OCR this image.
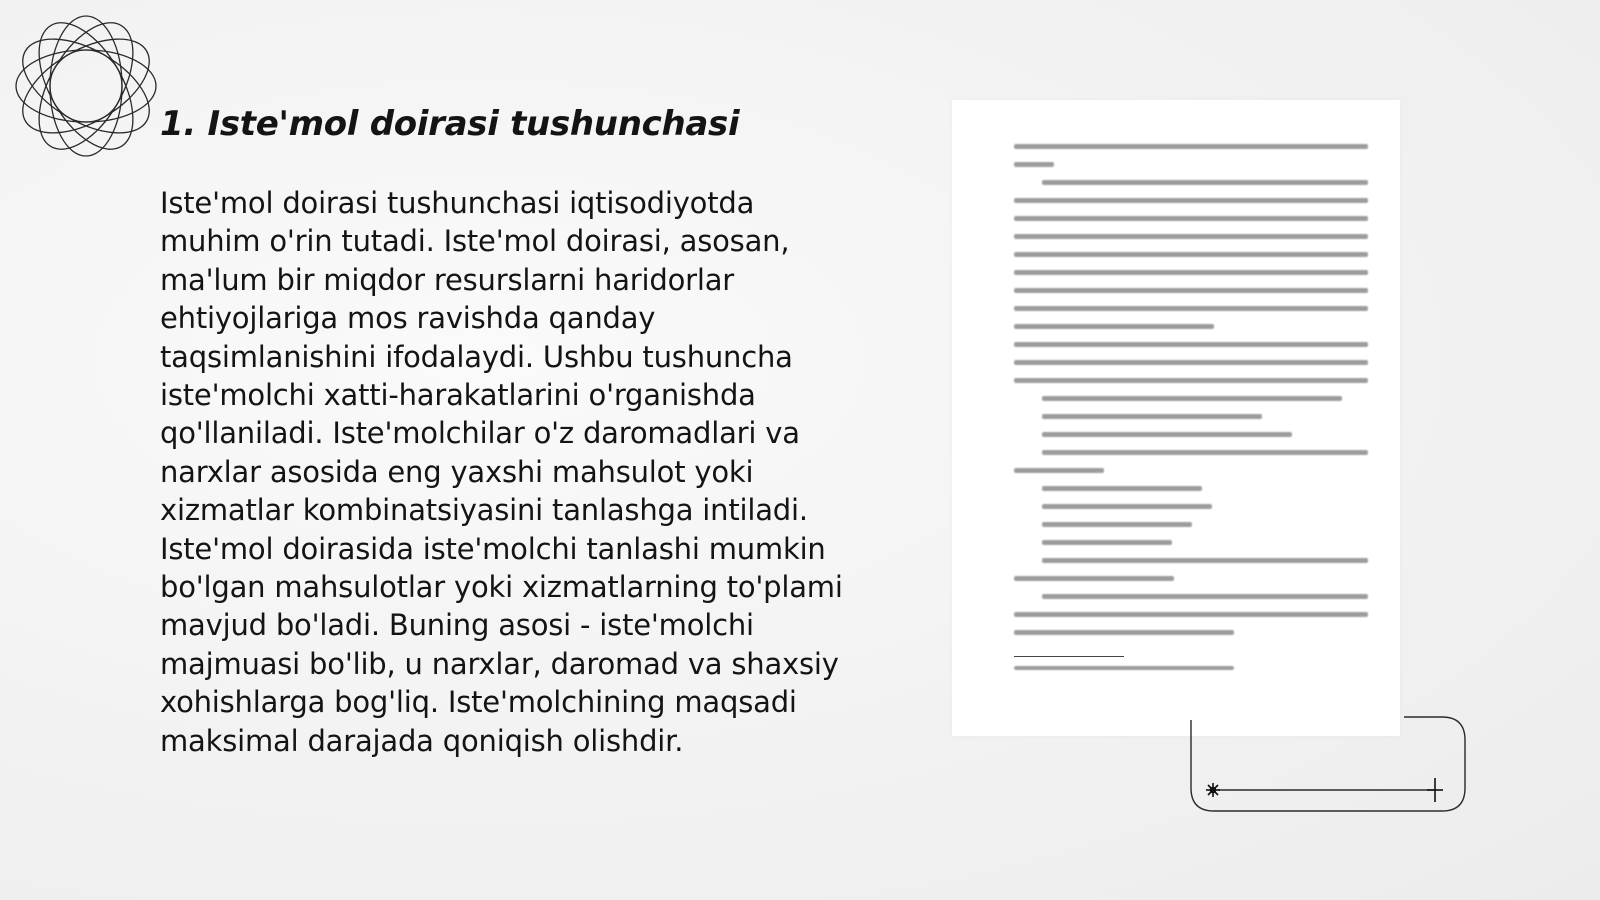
1. Iste'mol doirasi tushunchasi

Iste'mol doirasi tushunchasi iqtisodiyotda muhim o'rin tutadi. Iste'mol doirasi, asosan, ma'lum bir miqdor resurslarni haridorlar ehtiyojlariga mos ravishda qanday taqsimlanishini ifodalaydi. Ushbu tushuncha iste'molchi xatti-harakatlarini o'rganishda qo'llaniladi. Iste'molchilar o'z daromadlari va narxlar asosida eng yaxshi mahsulot yoki xizmatlar kombinatsiyasini tanlashga intiladi. Iste'mol doirasida iste'molchi tanlashi mumkin bo'lgan mahsulotlar yoki xizmatlarning to'plami mavjud bo'ladi. Buning asosi - iste'molchi majmuasi bo'lib, u narxlar, daromad va shaxsiy xohishlarga bog'liq. Iste'molchining maqsadi maksimal darajada qoniqish olishdir.
